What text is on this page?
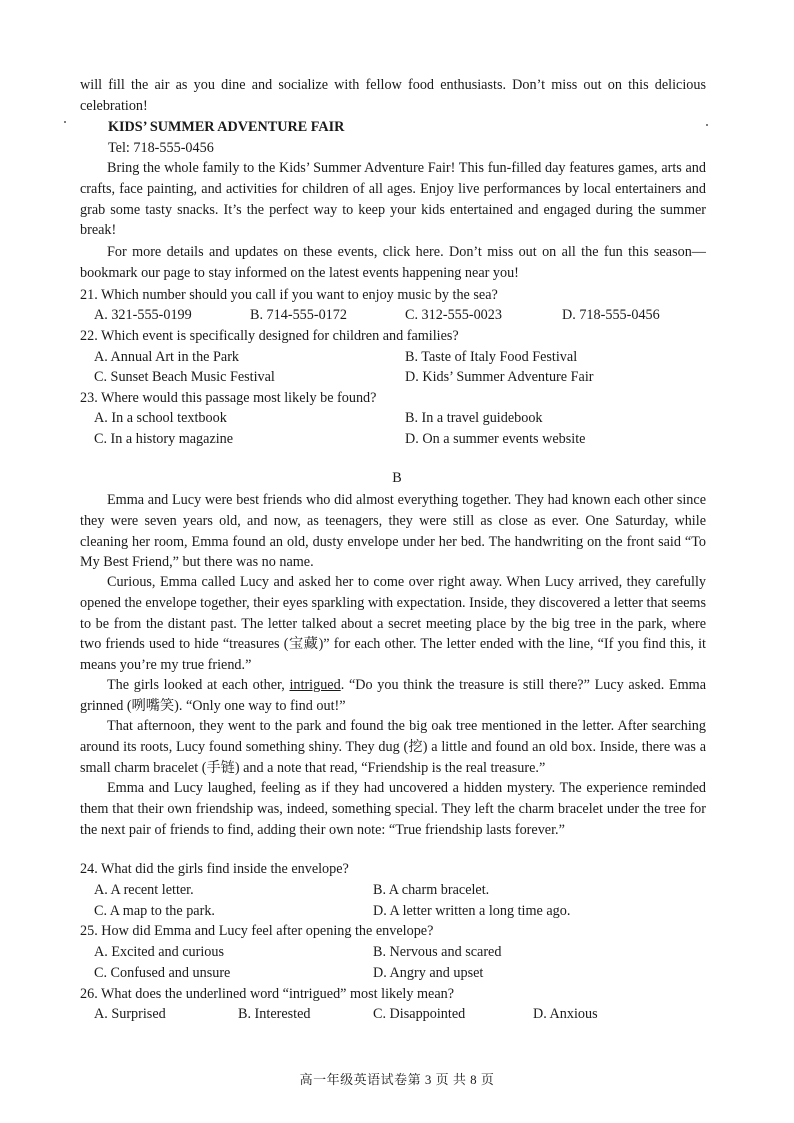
will fill the air as you dine and socialize with fellow food enthusiasts. Don’t miss out on this delicious celebration!

KIDS’ SUMMER ADVENTURE FAIR
Tel: 718-555-0456

Bring the whole family to the Kids’ Summer Adventure Fair! This fun-filled day features games, arts and crafts, face painting, and activities for children of all ages. Enjoy live performances by local entertainers and grab some tasty snacks. It’s the perfect way to keep your kids entertained and engaged during the summer break!

For more details and updates on these events, click here. Don’t miss out on all the fun this season—bookmark our page to stay informed on the latest events happening near you!

21. Which number should you call if you want to enjoy music by the sea?
A. 321-555-0199	B. 714-555-0172	C. 312-555-0023	D. 718-555-0456
22. Which event is specifically designed for children and families?
A. Annual Art in the Park	B. Taste of Italy Food Festival
C. Sunset Beach Music Festival	D. Kids’ Summer Adventure Fair
23. Where would this passage most likely be found?
A. In a school textbook	B. In a travel guidebook
C. In a history magazine	D. On a summer events website
B

Emma and Lucy were best friends who did almost everything together. They had known each other since they were seven years old, and now, as teenagers, they were still as close as ever. One Saturday, while cleaning her room, Emma found an old, dusty envelope under her bed. The handwriting on the front said “To My Best Friend,” but there was no name.

Curious, Emma called Lucy and asked her to come over right away. When Lucy arrived, they carefully opened the envelope together, their eyes sparkling with expectation. Inside, they discovered a letter that seems to be from the distant past. The letter talked about a secret meeting place by the big tree in the park, where two friends used to hide “treasures (宝藏)” for each other. The letter ended with the line, “If you find this, it means you’re my true friend.”

The girls looked at each other, intrigued. “Do you think the treasure is still there?” Lucy asked. Emma grinned (咧嘴笑). “Only one way to find out!”

That afternoon, they went to the park and found the big oak tree mentioned in the letter. After searching around its roots, Lucy found something shiny. They dug (挖) a little and found an old box. Inside, there was a small charm bracelet (手链) and a note that read, “Friendship is the real treasure.”

Emma and Lucy laughed, feeling as if they had uncovered a hidden mystery. The experience reminded them that their own friendship was, indeed, something special. They left the charm bracelet under the tree for the next pair of friends to find, adding their own note: “True friendship lasts forever.”

24. What did the girls find inside the envelope?
A. A recent letter.	B. A charm bracelet.
C. A map to the park.	D. A letter written a long time ago.
25. How did Emma and Lucy feel after opening the envelope?
A. Excited and curious	B. Nervous and scared
C. Confused and unsure	D. Angry and upset
26. What does the underlined word “intrigued” most likely mean?
A. Surprised	B. Interested	C. Disappointed	D. Anxious
高一年级英语试卷第 3 页 共 8 页
